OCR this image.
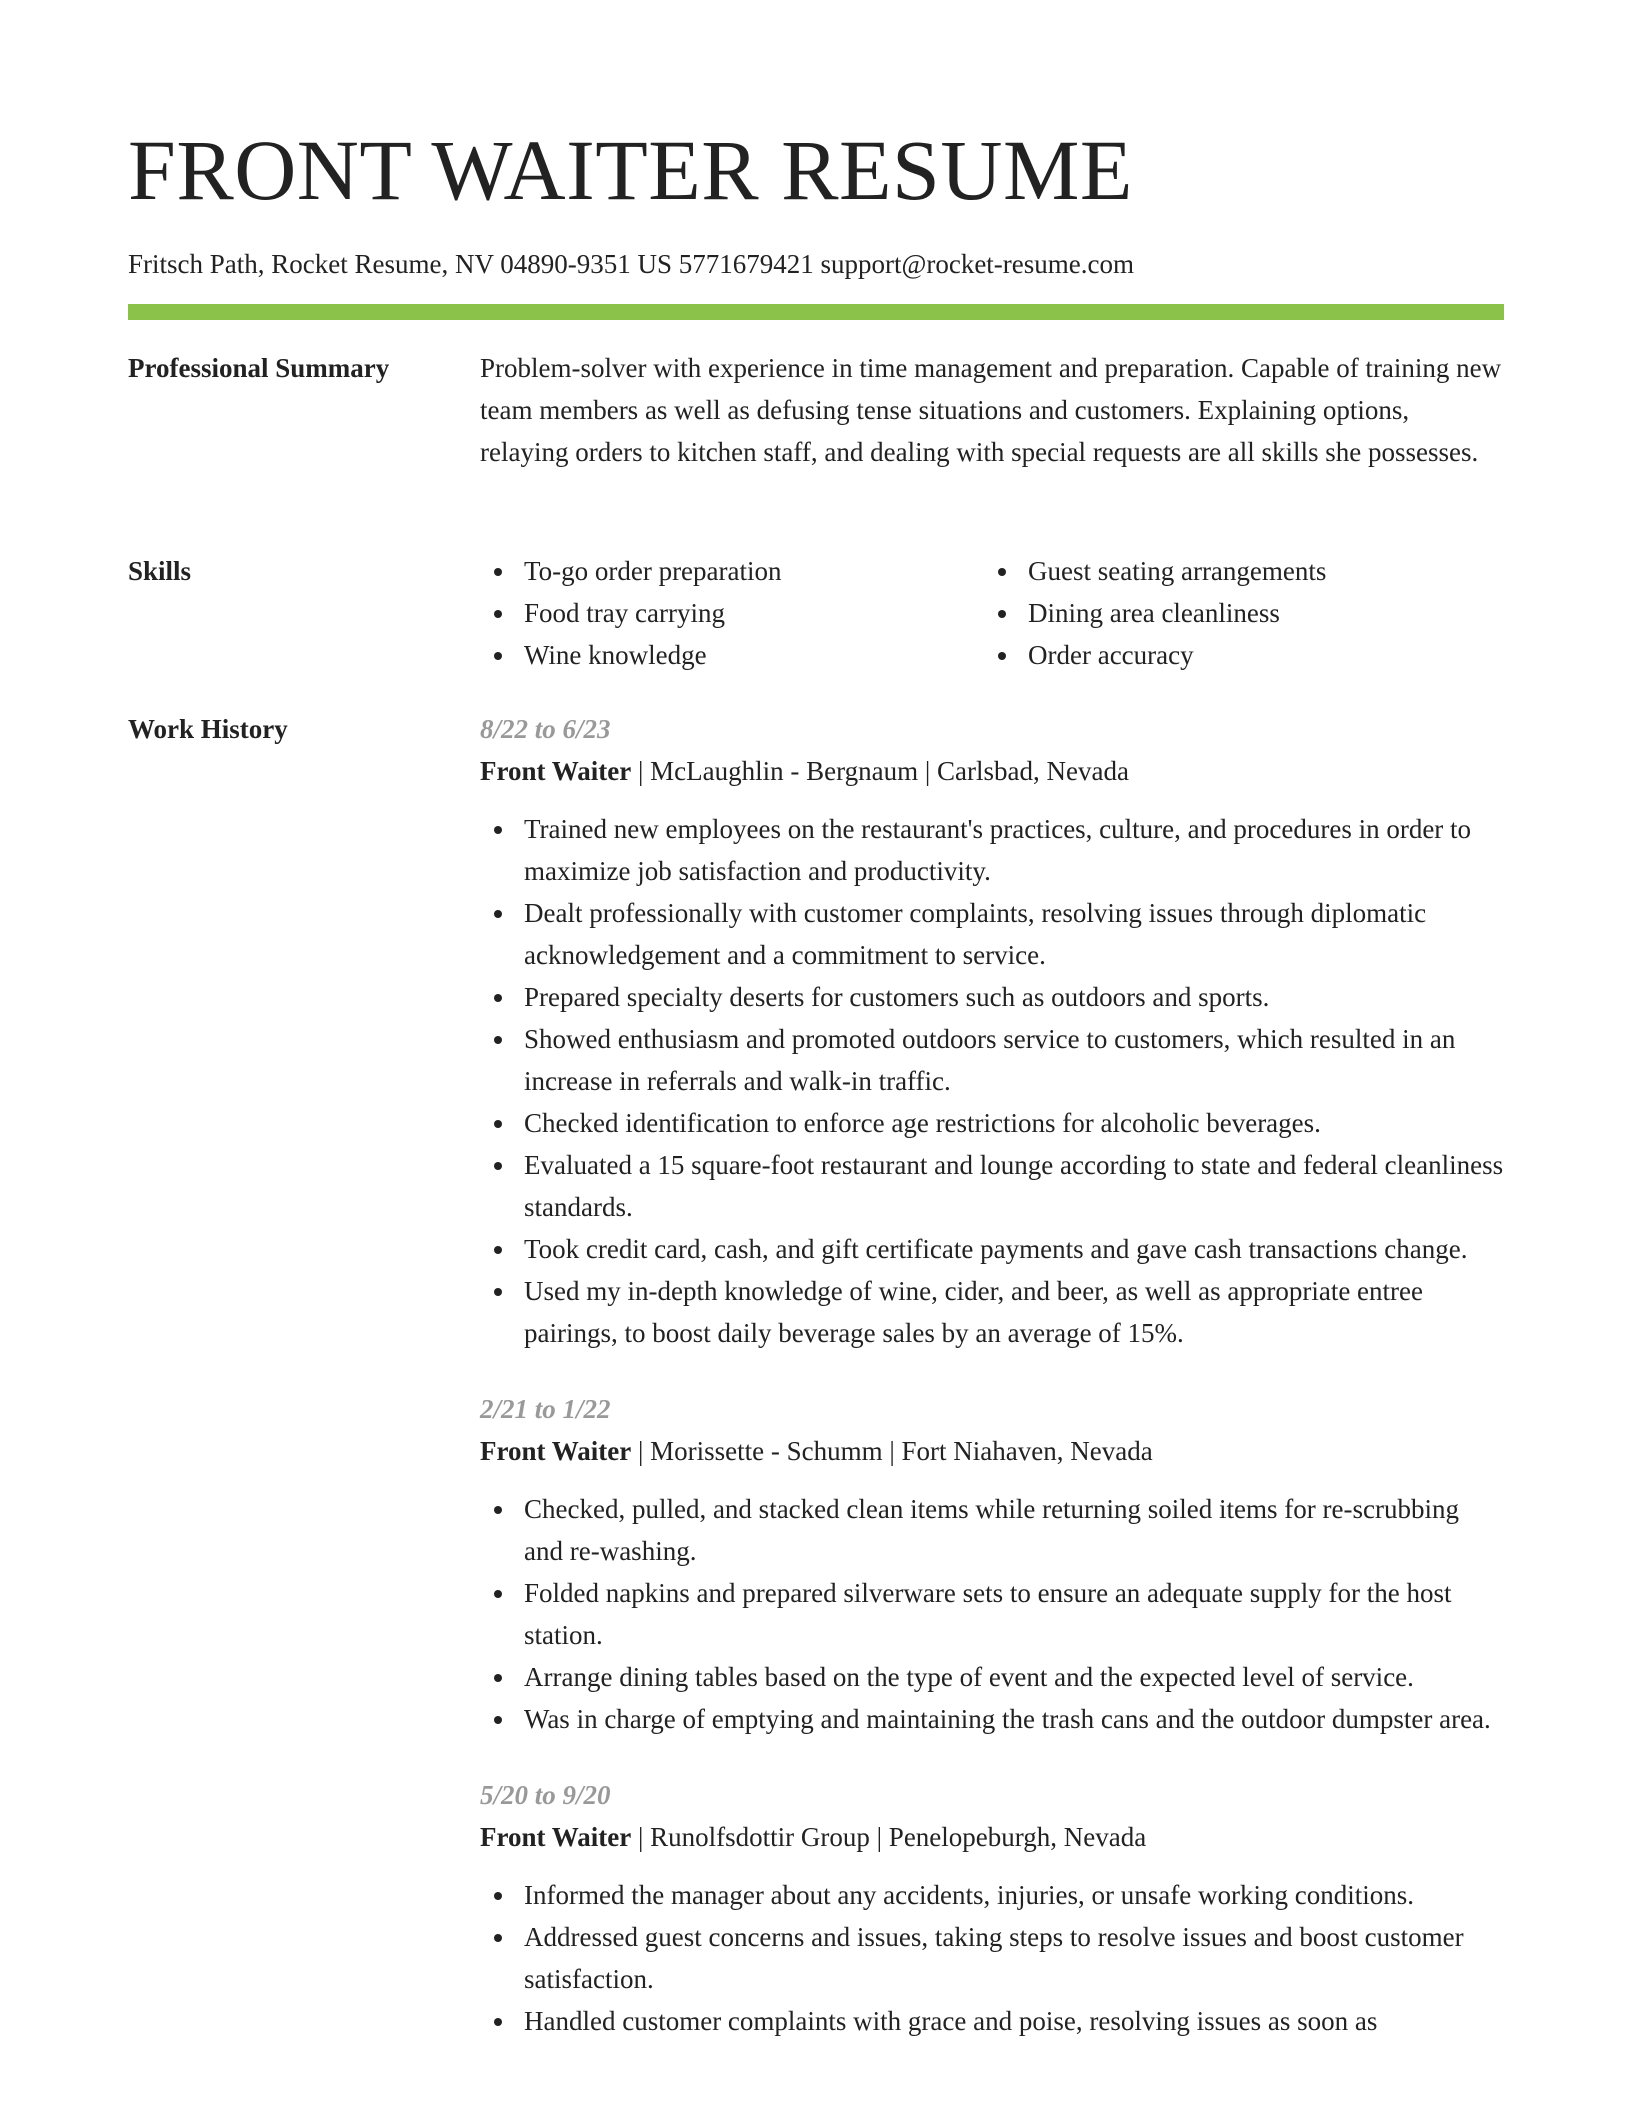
FRONT WAITER RESUME
Fritsch Path, Rocket Resume, NV 04890-9351 US 5771679421 support@rocket-resume.com
Professional Summary	Problem-solver with experience in time management and preparation. Capable of training new team members as well as defusing tense situations and customers. Explaining options, relaying orders to kitchen staff, and dealing with special requests are all skills she possesses.

Skills	To-go order preparation
Food tray carrying
Wine knowledge
Guest seating arrangements
Dining area cleanliness
Order accuracy
Work History	8/22 to 6/23
Front Waiter | McLaughlin - Bergnaum | Carlsbad, Nevada
Trained new employees on the restaurant's practices, culture, and procedures in order to maximize job satisfaction and productivity.
Dealt professionally with customer complaints, resolving issues through diplomatic acknowledgement and a commitment to service.
Prepared specialty deserts for customers such as outdoors and sports.
Showed enthusiasm and promoted outdoors service to customers, which resulted in an increase in referrals and walk-in traffic.
Checked identification to enforce age restrictions for alcoholic beverages.
Evaluated a 15 square-foot restaurant and lounge according to state and federal cleanliness standards.
Took credit card, cash, and gift certificate payments and gave cash transactions change.
Used my in-depth knowledge of wine, cider, and beer, as well as appropriate entree pairings, to boost daily beverage sales by an average of 15%.
2/21 to 1/22
Front Waiter | Morissette - Schumm | Fort Niahaven, Nevada
Checked, pulled, and stacked clean items while returning soiled items for re-scrubbing and re-washing.
Folded napkins and prepared silverware sets to ensure an adequate supply for the host station.
Arrange dining tables based on the type of event and the expected level of service.
Was in charge of emptying and maintaining the trash cans and the outdoor dumpster area.
5/20 to 9/20
Front Waiter | Runolfsdottir Group | Penelopeburgh, Nevada
Informed the manager about any accidents, injuries, or unsafe working conditions.
Addressed guest concerns and issues, taking steps to resolve issues and boost customer satisfaction.
Handled customer complaints with grace and poise, resolving issues as soon as
